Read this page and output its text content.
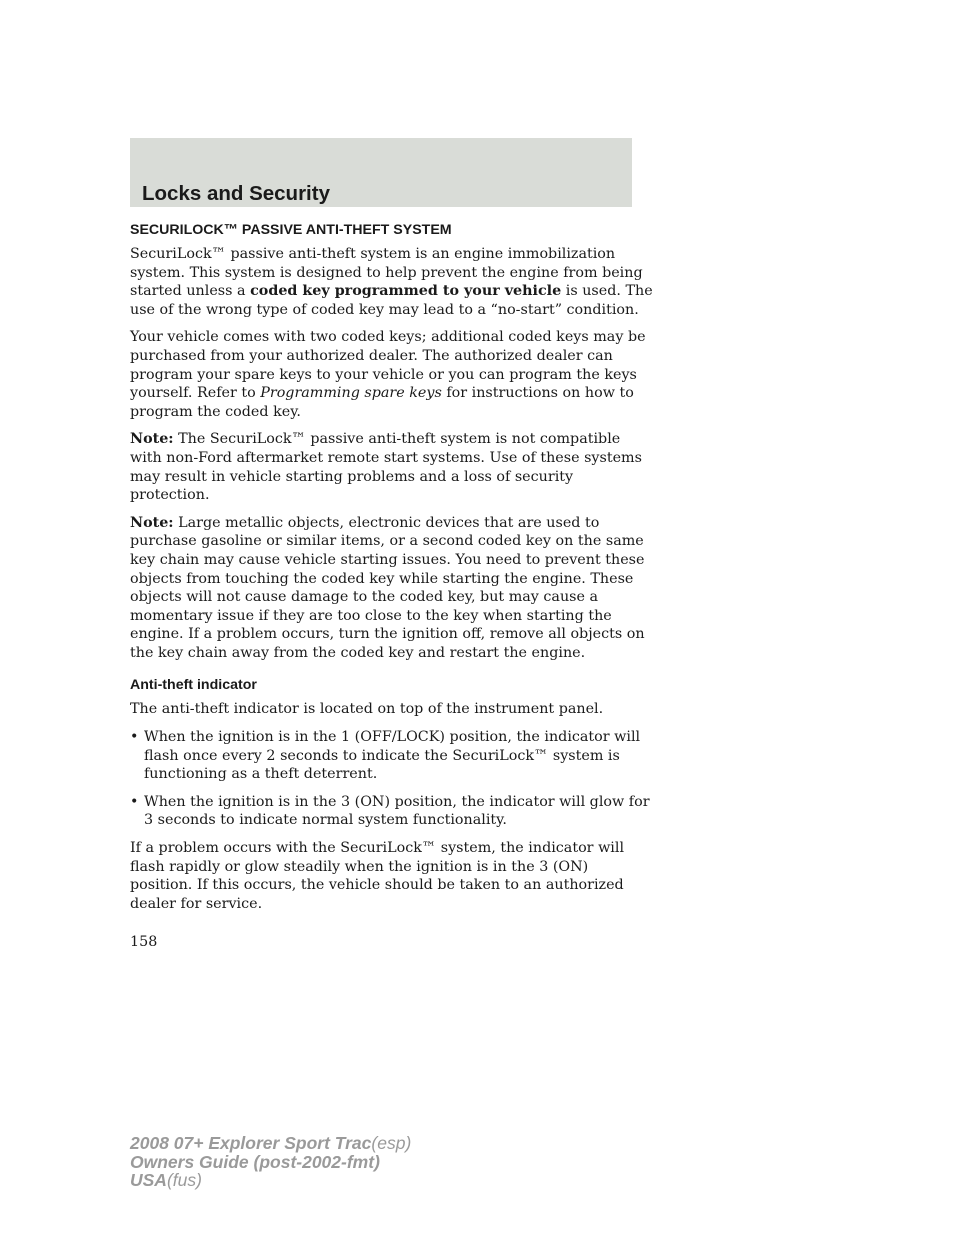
Locks and Security
SECURILOCK™ PASSIVE ANTI-THEFT SYSTEM

SecuriLock™ passive anti-theft system is an engine immobilization system. This system is designed to help prevent the engine from being started unless a coded key programmed to your vehicle is used. The use of the wrong type of coded key may lead to a “no-start” condition.

Your vehicle comes with two coded keys; additional coded keys may be purchased from your authorized dealer. The authorized dealer can program your spare keys to your vehicle or you can program the keys yourself. Refer to Programming spare keys for instructions on how to program the coded key.

Note: The SecuriLock™ passive anti-theft system is not compatible with non-Ford aftermarket remote start systems. Use of these systems may result in vehicle starting problems and a loss of security protection.

Note: Large metallic objects, electronic devices that are used to purchase gasoline or similar items, or a second coded key on the same key chain may cause vehicle starting issues. You need to prevent these objects from touching the coded key while starting the engine. These objects will not cause damage to the coded key, but may cause a momentary issue if they are too close to the key when starting the engine. If a problem occurs, turn the ignition off, remove all objects on the key chain away from the coded key and restart the engine.

Anti-theft indicator

The anti-theft indicator is located on top of the instrument panel.

• When the ignition is in the 1 (OFF/LOCK) position, the indicator will flash once every 2 seconds to indicate the SecuriLock™ system is functioning as a theft deterrent.
• When the ignition is in the 3 (ON) position, the indicator will glow for 3 seconds to indicate normal system functionality.

If a problem occurs with the SecuriLock™ system, the indicator will flash rapidly or glow steadily when the ignition is in the 3 (ON) position. If this occurs, the vehicle should be taken to an authorized dealer for service.

158
2008 07+ Explorer Sport Trac(esp)
Owners Guide (post-2002-fmt)
USA(fus)
